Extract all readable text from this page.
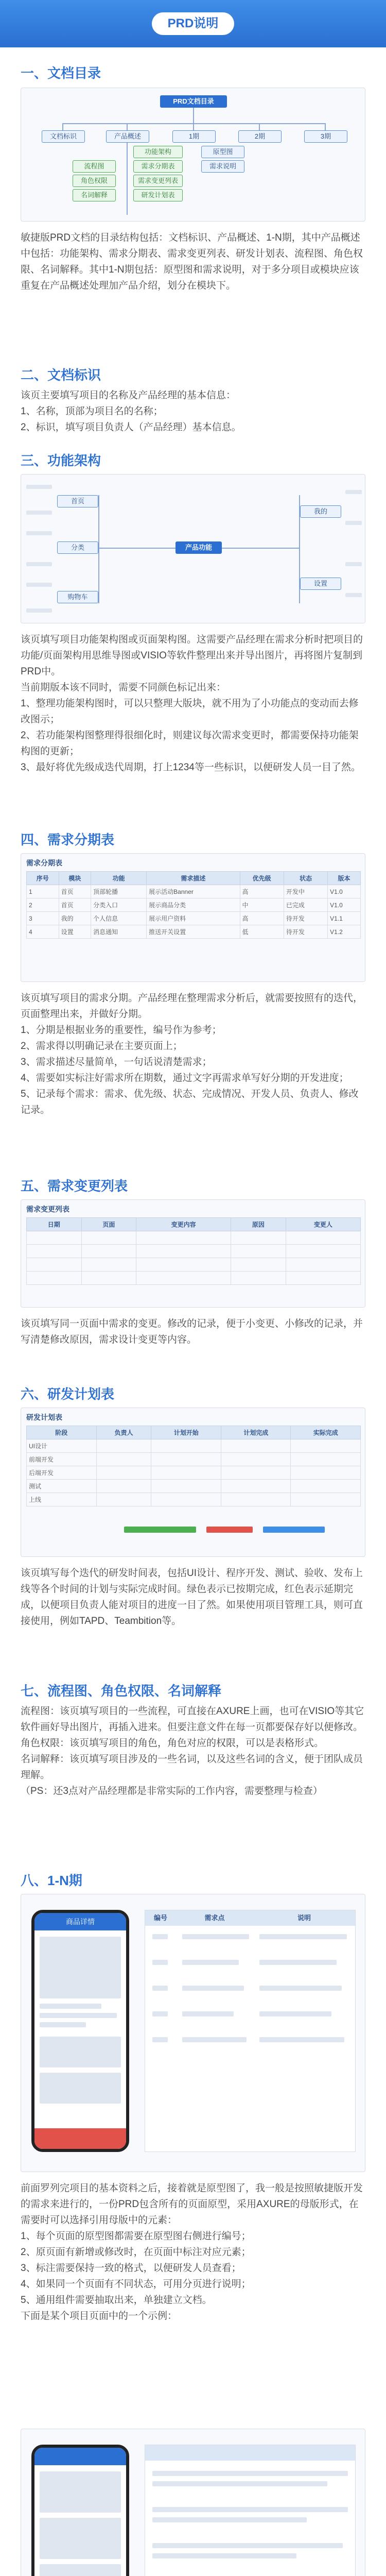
PRD说明
一、文档目录
PRD文档目录
文档标识	产品概述	1期	2期	3期
功能架构
需求分期表
需求变更列表
研发计划表
流程图
角色权限
名词解释
原型图
需求说明
敏捷版PRD文档的目录结构包括：文档标识、产品概述、1-N期，其中产品概述中包括：功能架构、需求分期表、需求变更列表、研发计划表、流程图、角色权限、名词解释。其中1-N期包括：原型图和需求说明，对于多分项目或模块应该重复在产品概述处理加产品介绍，划分在模块下。
二、文档标识
该页主要填写项目的名称及产品经理的基本信息：
1、名称，顶部为项目名的名称；
2、标识，填写项目负责人（产品经理）基本信息。
三、功能架构
产品功能
首页
分类
购物车
我的
设置
该页填写项目功能架构图或页面架构图。这需要产品经理在需求分析时把项目的功能/页面架构用思维导图或VISIO等软件整理出来并导出图片，再将图片复制到PRD中。
当前期版本该不同时，需要不同颜色标记出来：
1、整理功能架构图时，可以只整理大版块，就不用为了小功能点的变动而去修改图示；
2、若功能架构图整理得很细化时，则建议每次需求变更时，都需要保持功能架构图的更新；
3、最好将优先级成迭代周期，打上1234等一些标识，以便研发人员一目了然。
四、需求分期表
需求分期表
序号	模块	功能	需求描述	优先级	状态	版本
1	首页	顶部轮播	展示活动Banner	高	开发中	V1.0
2	首页	分类入口	展示商品分类	中	已完成	V1.0
3	我的	个人信息	展示用户资料	高	待开发	V1.1
4	设置	消息通知	推送开关设置	低	待开发	V1.2
该页填写项目的需求分期。产品经理在整理需求分析后，就需要按照有的迭代，页面整理出来，并做好分期。
1、分期是根据业务的重要性，编号作为参考；
2、需求得以明确记录在主要页面上；
3、需求描述尽量简单，一句话说清楚需求；
4、需要如实标注好需求所在期数，通过文字再需求单写好分期的开发进度；
5、记录每个需求：需求、优先级、状态、完成情况、开发人员、负责人、修改记录。
五、需求变更列表
需求变更列表
日期	页面	变更内容	原因	变更人

该页填写同一页面中需求的变更。修改的记录，便于小变更、小修改的记录，并写清楚修改原因，需求设计变更等内容。
六、研发计划表
研发计划表
阶段	负责人	计划开始	计划完成	实际完成
UI设计				
前端开发				
后端开发				
测试				
上线				
该页填写每个迭代的研发时间表，包括UI设计、程序开发、测试、验收、发布上线等各个时间的计划与实际完成时间。绿色表示已按期完成，红色表示延期完成，以便项目负责人能对项目的进度一目了然。如果使用项目管理工具，则可直接使用，例如TAPD、Teambition等。
七、流程图、角色权限、名词解释
流程图：该页填写项目的一些流程，可直接在AXURE上画，也可在VISIO等其它软件画好导出图片，再插入进来。但要注意文件在每一页都要保存好以便修改。
角色权限：该页填写项目的角色，角色对应的权限，可以是表格形式。
名词解释：该页填写项目涉及的一些名词，以及这些名词的含义，便于团队成员理解。
（PS：还3点对产品经理都是非常实际的工作内容，需要整理与检查）
八、1-N期
商品详情	编号	需求点	说明
前面罗列完项目的基本资料之后，接着就是原型图了，我一般是按照敏捷版开发的需求来进行的，一份PRD包含所有的页面原型，采用AXURE的母版形式，在需要时可以选择引用母版中的元素：
1、每个页面的原型图都需要在原型图右侧进行编号；
2、原页面有新增或修改时，在页面中标注对应元素；
3、标注需要保持一致的格式，以便研发人员查看；
4、如果同一个页面有不同状态，可用分页进行说明；
5、通用组件需要抽取出来，单独建立文档。
下面是某个项目页面中的一个示例：
